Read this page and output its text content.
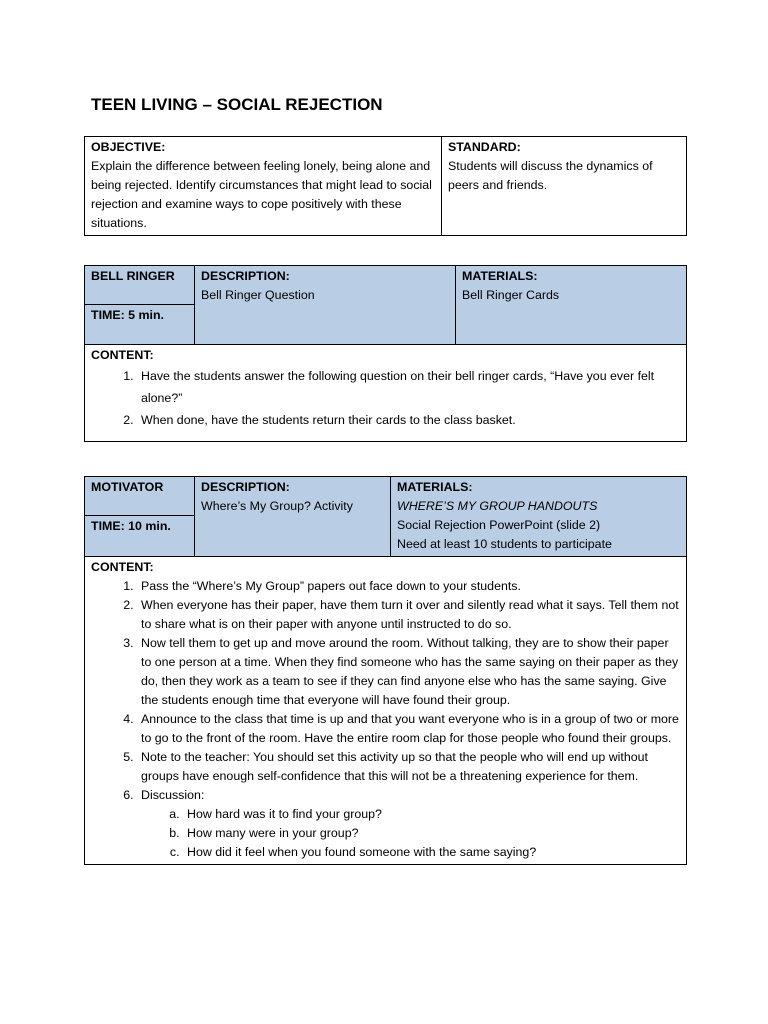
TEEN LIVING – SOCIAL REJECTION
OBJECTIVE:
Explain the difference between feeling lonely, being alone and being rejected. Identify circumstances that might lead to social rejection and examine ways to cope positively with these situations.

STANDARD:
Students will discuss the dynamics of peers and friends.
BELL RINGER	DESCRIPTION:
Bell Ringer Question

MATERIALS:
Bell Ringer Cards

TIME: 5 min.

CONTENT:
1. Have the students answer the following question on their bell ringer cards, “Have you ever felt alone?”
2. When done, have the students return their cards to the class basket.
MOTIVATOR	DESCRIPTION:
Where’s My Group? Activity

MATERIALS:
WHERE’S MY GROUP HANDOUTS
Social Rejection PowerPoint (slide 2)
Need at least 10 students to participate

TIME: 10 min.

CONTENT:
1. Pass the “Where’s My Group” papers out face down to your students.
2. When everyone has their paper, have them turn it over and silently read what it says. Tell them not to share what is on their paper with anyone until instructed to do so.
3. Now tell them to get up and move around the room. Without talking, they are to show their paper to one person at a time. When they find someone who has the same saying on their paper as they do, then they work as a team to see if they can find anyone else who has the same saying. Give the students enough time that everyone will have found their group.
4. Announce to the class that time is up and that you want everyone who is in a group of two or more to go to the front of the room. Have the entire room clap for those people who found their groups.
5. Note to the teacher: You should set this activity up so that the people who will end up without groups have enough self-confidence that this will not be a threatening experience for them.
6. Discussion:
a. How hard was it to find your group?
b. How many were in your group?
c. How did it feel when you found someone with the same saying?
